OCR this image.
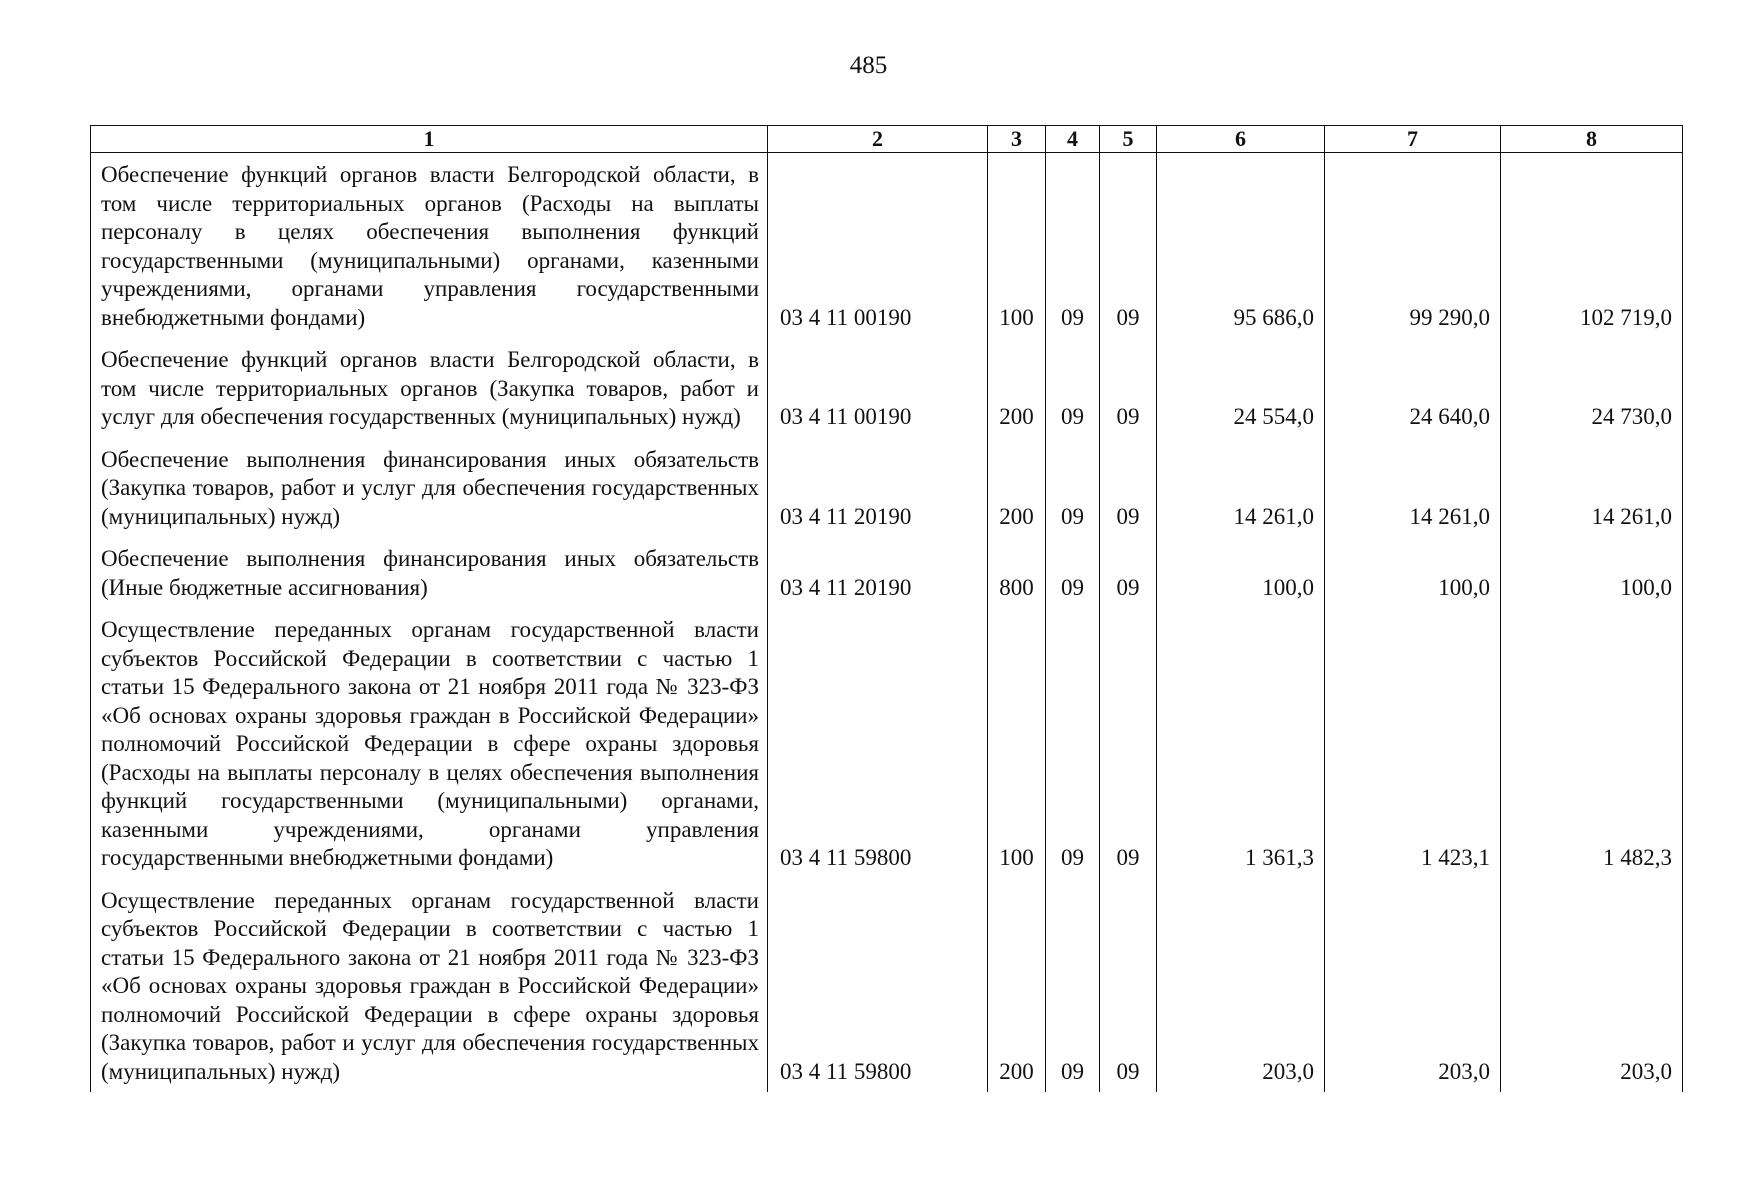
485
1	2	3	4	5	6	7	8
Обеспечение функций органов власти Белгородской области, в том числе территориальных органов (Расходы на выплаты персоналу в целях обеспечения выполнения функций государственными (муниципальными) органами, казенными учреждениями, органами управления государственными внебюджетными фондами)	03 4 11 00190	100	09	09	95 686,0	99 290,0	102 719,0
Обеспечение функций органов власти Белгородской области, в том числе территориальных органов (Закупка товаров, работ и услуг для обеспечения государственных (муниципальных) нужд)	03 4 11 00190	200	09	09	24 554,0	24 640,0	24 730,0
Обеспечение выполнения финансирования иных обязательств (Закупка товаров, работ и услуг для обеспечения государственных (муниципальных) нужд)	03 4 11 20190	200	09	09	14 261,0	14 261,0	14 261,0
Обеспечение выполнения финансирования иных обязательств (Иные бюджетные ассигнования)	03 4 11 20190	800	09	09	100,0	100,0	100,0
Осуществление переданных органам государственной власти субъектов Российской Федерации в соответствии с частью 1 статьи 15 Федерального закона от 21 ноября 2011 года № 323-ФЗ «Об основах охраны здоровья граждан в Российской Федерации» полномочий Российской Федерации в сфере охраны здоровья (Расходы на выплаты персоналу в целях обеспечения выполнения функций государственными (муниципальными) органами, казенными учреждениями, органами управления государственными внебюджетными фондами)	03 4 11 59800	100	09	09	1 361,3	1 423,1	1 482,3
Осуществление переданных органам государственной власти субъектов Российской Федерации в соответствии с частью 1 статьи 15 Федерального закона от 21 ноября 2011 года № 323-ФЗ «Об основах охраны здоровья граждан в Российской Федерации» полномочий Российской Федерации в сфере охраны здоровья (Закупка товаров, работ и услуг для обеспечения государственных (муниципальных) нужд)	03 4 11 59800	200	09	09	203,0	203,0	203,0
